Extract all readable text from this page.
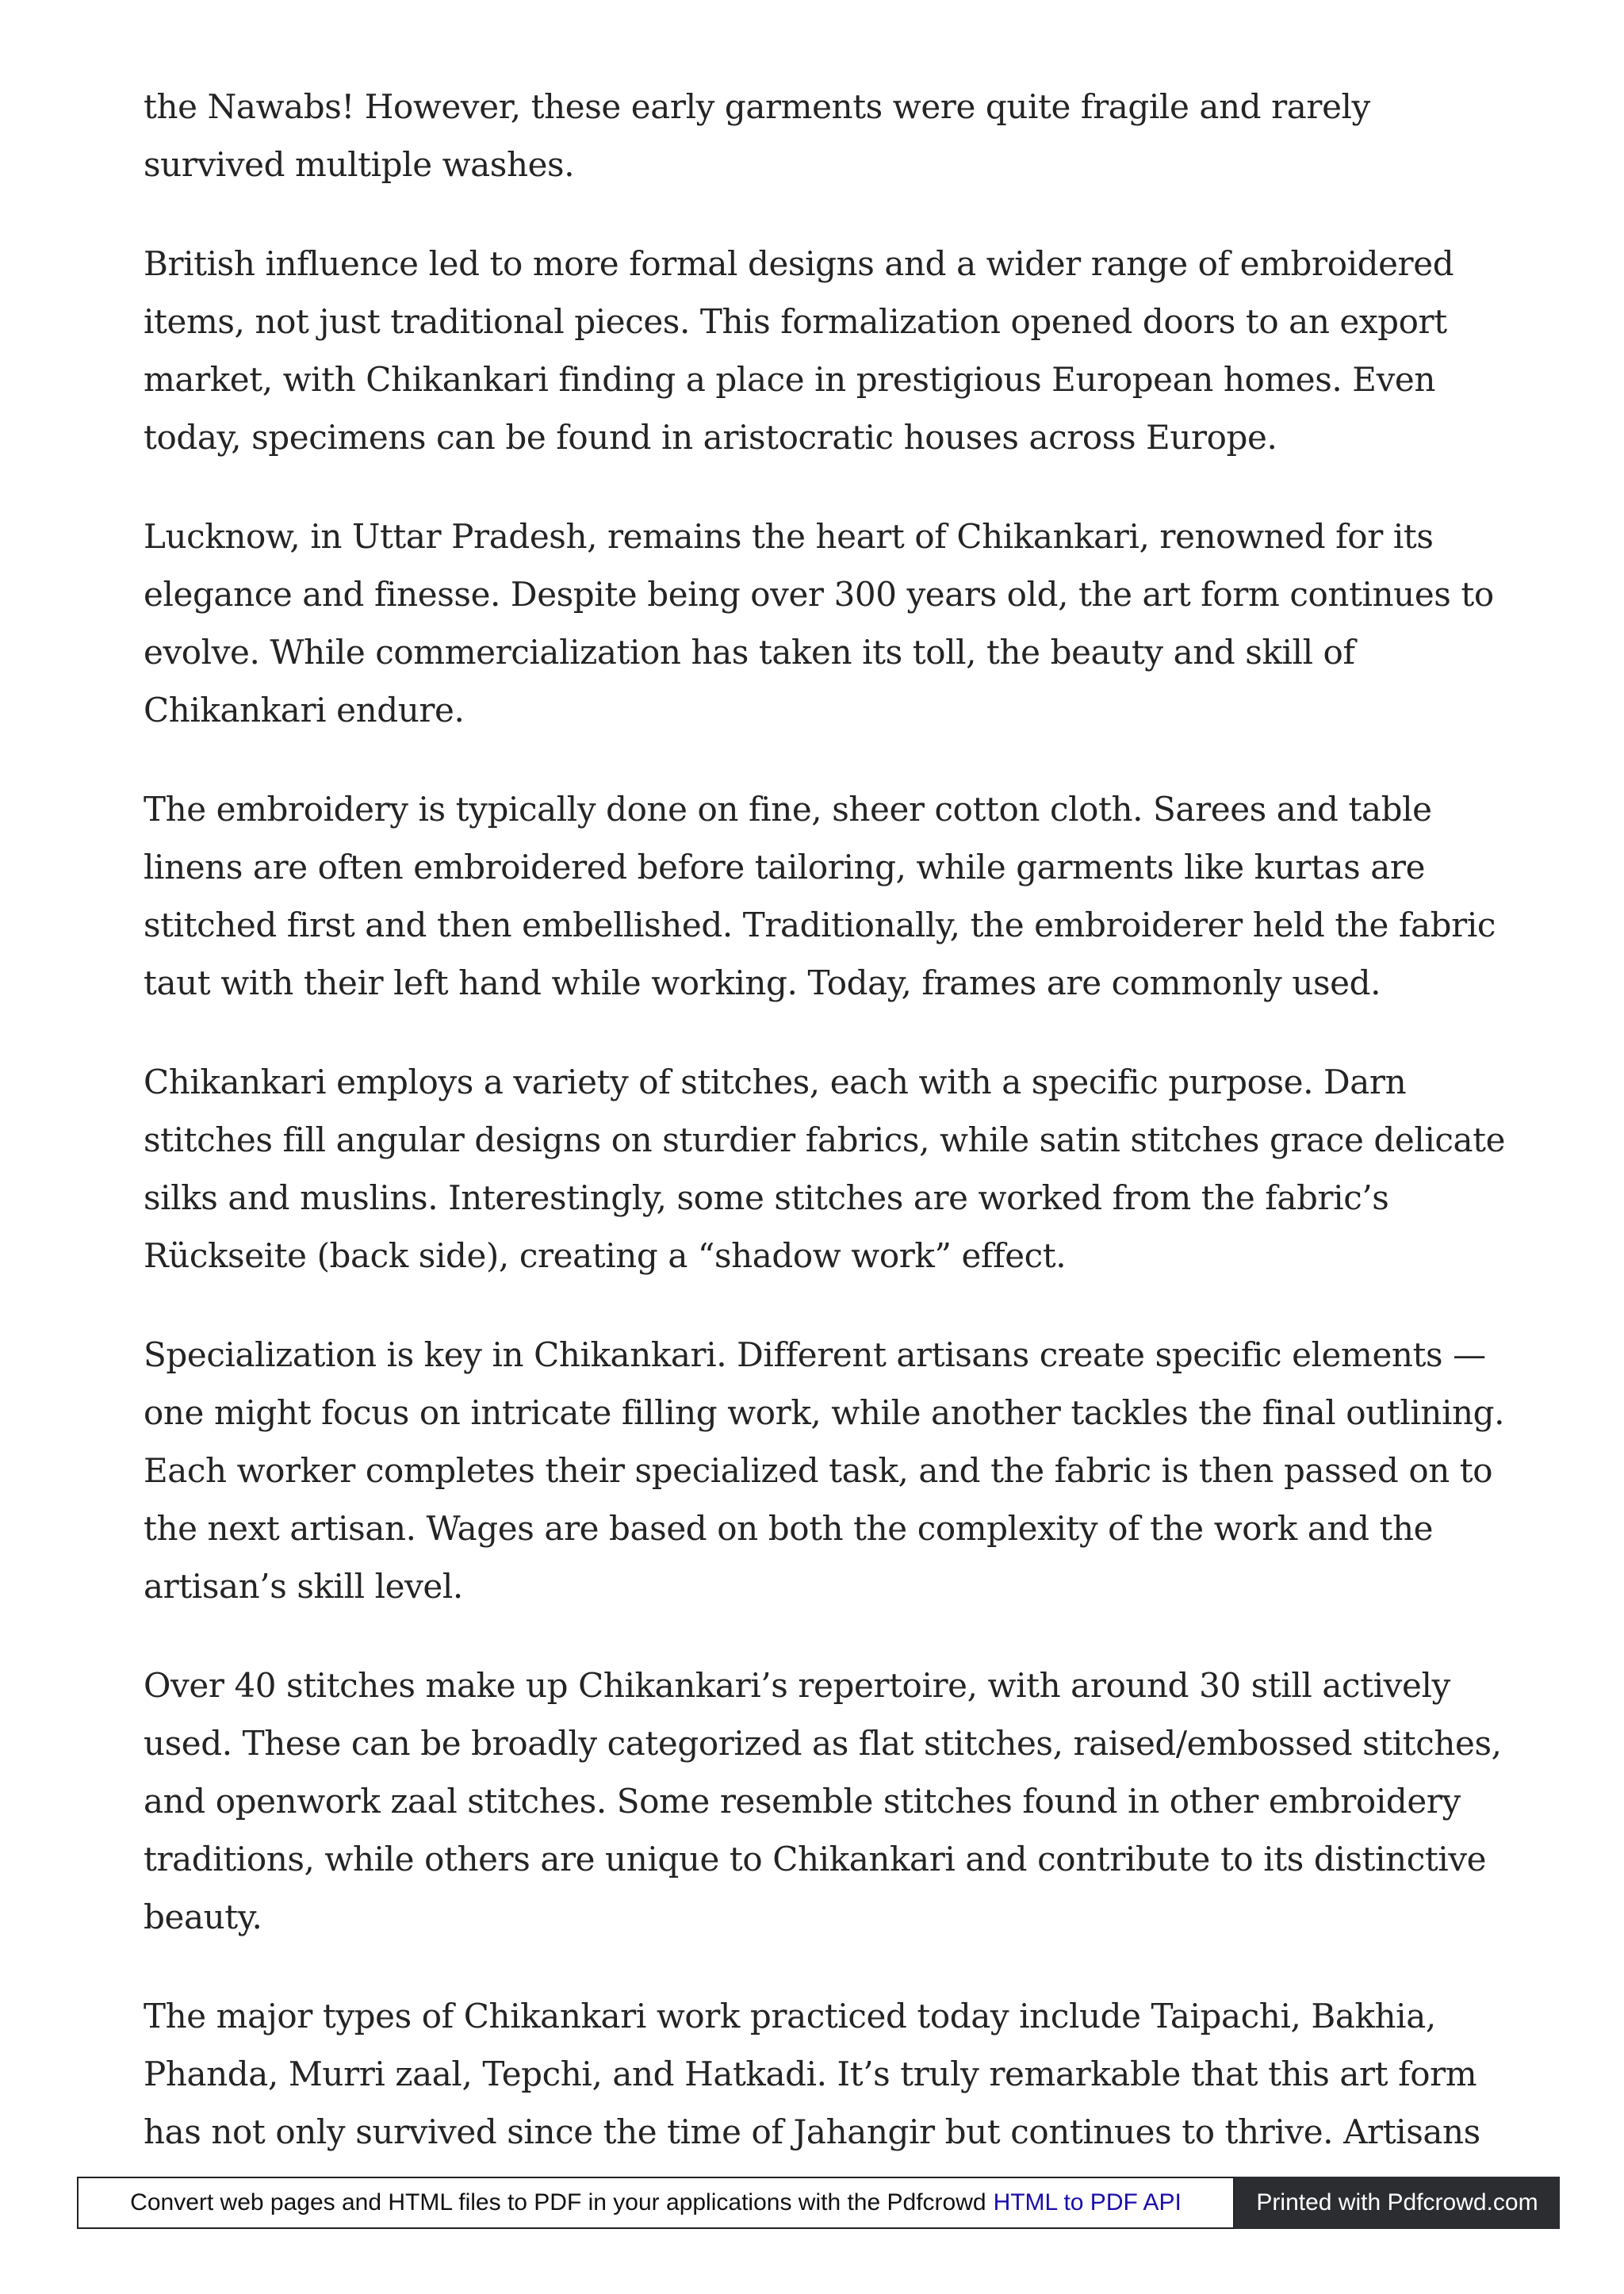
the Nawabs! However, these early garments were quite fragile and rarely survived multiple washes.

British influence led to more formal designs and a wider range of embroidered items, not just traditional pieces. This formalization opened doors to an export market, with Chikankari finding a place in prestigious European homes. Even today, specimens can be found in aristocratic houses across Europe.

Lucknow, in Uttar Pradesh, remains the heart of Chikankari, renowned for its elegance and finesse. Despite being over 300 years old, the art form continues to evolve. While commercialization has taken its toll, the beauty and skill of Chikankari endure.

The embroidery is typically done on fine, sheer cotton cloth. Sarees and table linens are often embroidered before tailoring, while garments like kurtas are stitched first and then embellished. Traditionally, the embroiderer held the fabric taut with their left hand while working. Today, frames are commonly used.

Chikankari employs a variety of stitches, each with a specific purpose. Darn stitches fill angular designs on sturdier fabrics, while satin stitches grace delicate silks and muslins. Interestingly, some stitches are worked from the fabric’s Rückseite (back side), creating a “shadow work” effect.

Specialization is key in Chikankari. Different artisans create specific elements — one might focus on intricate filling work, while another tackles the final outlining. Each worker completes their specialized task, and the fabric is then passed on to the next artisan. Wages are based on both the complexity of the work and the artisan’s skill level.

Over 40 stitches make up Chikankari’s repertoire, with around 30 still actively used. These can be broadly categorized as flat stitches, raised/embossed stitches, and openwork zaal stitches. Some resemble stitches found in other embroidery traditions, while others are unique to Chikankari and contribute to its distinctive beauty.

The major types of Chikankari work practiced today include Taipachi, Bakhia, Phanda, Murri zaal, Tepchi, and Hatkadi. It’s truly remarkable that this art form has not only survived since the time of Jahangir but continues to thrive. Artisans

Convert web pages and HTML files to PDF in your applications with the Pdfcrowd HTML to PDF API	Printed with Pdfcrowd.com
